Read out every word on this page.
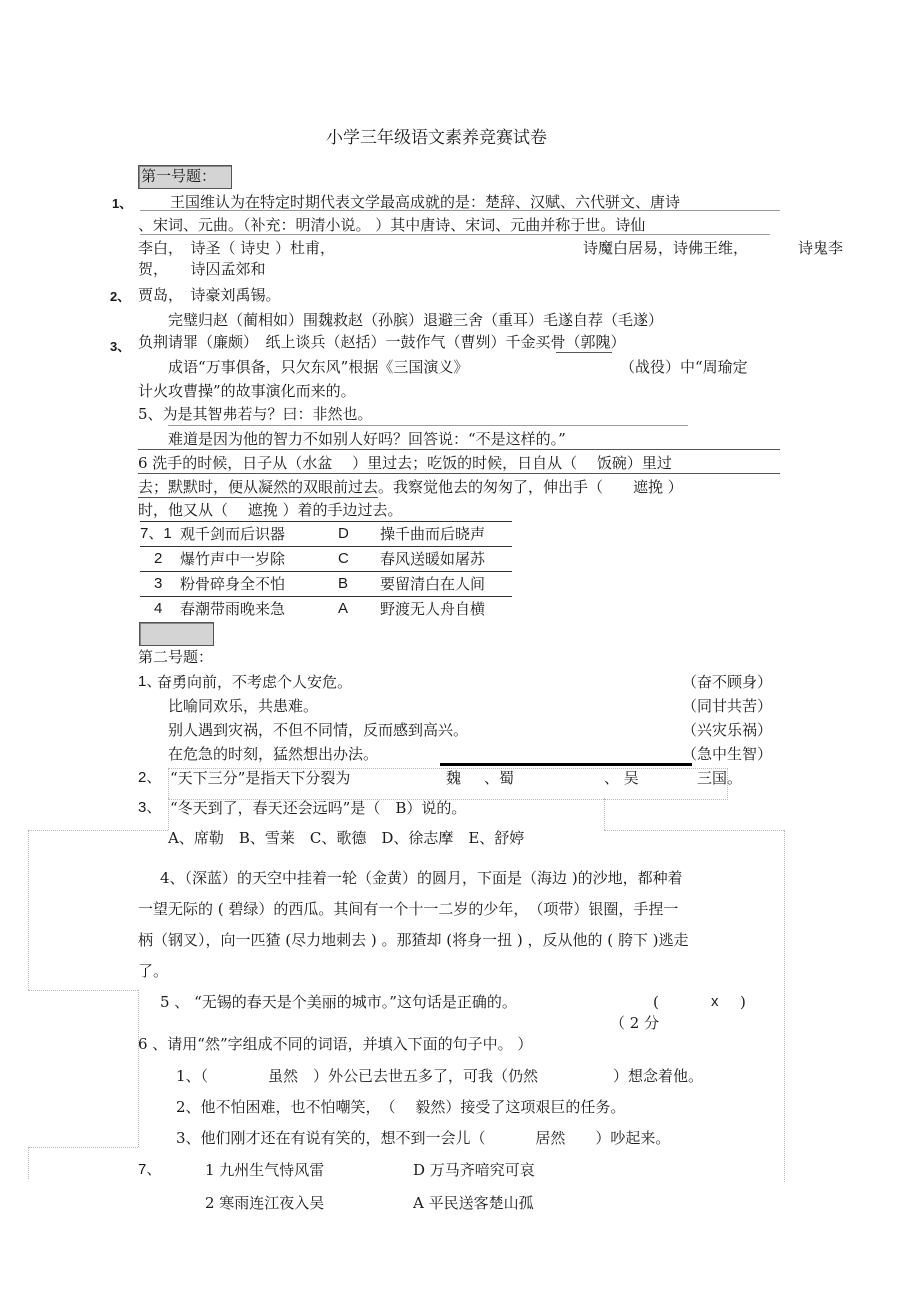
小学三年级语文素养竞赛试卷
第一号题：
1、	王国维认为在特定时期代表文学最高成就的是：楚辞、汉赋、六代骈文、唐诗
、宋词、元曲。（补充：明清小说。 ）其中唐诗、宋词、元曲并称于世。诗仙
李白，　诗圣（ 诗史 ）杜甫，	诗魔白居易，诗佛王维，	诗鬼李
贺，　　诗囚孟郊和
2、 贾岛，　诗豪刘禹锡。
完璧归赵（蔺相如）围魏救赵（孙膑）退避三舍（重耳）毛遂自荐（毛遂）
3、 负荆请罪（廉颇）　纸上谈兵（赵括）一鼓作气（曹刿）千金买骨（郭隗）
成语“万事俱备，只欠东风”根据《三国演义》	（战役）中“周瑜定
计火攻曹操”的故事演化而来的。
5、为是其智弗若与？曰：非然也。
难道是因为他的智力不如别人好吗？回答说：“不是这样的。”
6 洗手的时候，日子从（水盆　 ）里过去；吃饭的时候，日自从（　 饭碗）里过
去；默默时，便从凝然的双眼前过去。我察觉他去的匆匆了，伸出手（　　遮挽 ）
时，他又从（　 遮挽 ）着的手边过去。
7、1 观千剑而后识器	D 操千曲而后晓声
2 爆竹声中一岁除	C 春风送暖如屠苏
3 粉骨碎身全不怕	B 要留清白在人间
4 春潮带雨晚来急	A 野渡无人舟自横
第二号题：
1、
奋勇向前，不考虑个人安危。	（奋不顾身）
比喻同欢乐，共患难。	（同甘共苦）
别人遇到灾祸，不但不同情，反而感到高兴。	（兴灾乐祸）
在危急的时刻，猛然想出办法。	（急中生智）
2、 “天下三分”是指天下分裂为	魏 、蜀	、 吴	三国。
3、 “冬天到了，春天还会远吗”是（　B）说的。
A、席勒　B、雪莱　C、歌德　D、徐志摩　E、舒婷
4、（深蓝）的天空中挂着一轮（金黄）的圆月，下面是（海边 )的沙地，都种着
一望无际的 ( 碧绿）的西瓜。其间有一个十一二岁的少年，　（项带）银圈，手捏一
柄（钢叉），向一匹猹 (尽力地刺去 ) 。那猹却 (将身一扭 ) ，反从他的 ( 胯下 )逃走
了。
5 、 “无锡的春天是个美丽的城市。”这句话是正确的。	(	x )
（ 2 分
6 、请用“然”字组成不同的词语，并填入下面的句子中。 ）
1、（　　　　虽然　）外公已去世五多了，可我（仍然　　　　　）想念着他。
2、他不怕困难，也不怕嘲笑，　（　 毅然）接受了这项艰巨的任务。
3、他们刚才还在有说有笑的，想不到一会儿（　　　 居然　　）吵起来。
7、	1 九州生气恃风雷	D 万马齐喑究可哀
2 寒雨连江夜入吴	A 平民送客楚山孤
